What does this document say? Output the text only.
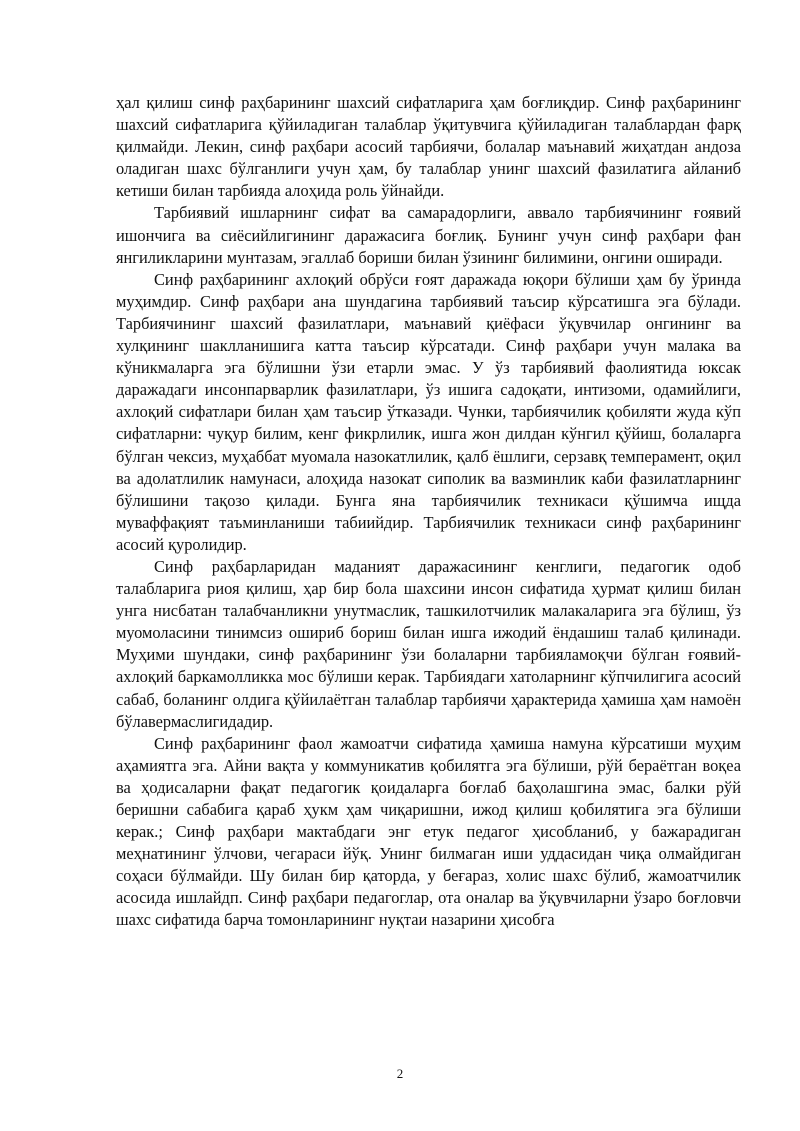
ҳал қилиш синф раҳбарининг шахсий сифатларига ҳам боғлиқдир. Синф раҳбарининг шахсий сифатларига қўйиладиган талаблар ўқитувчига қўйиладиган талаблардан фарқ қилмайди. Лекин, синф раҳбари асосий тарбиячи, болалар маънавий жиҳатдан андоза оладиган шахс бўлганлиги учун ҳам, бу талаблар унинг шахсий фазилатига айланиб кетиши билан тарбияда алоҳида роль ўйнайди.

Тарбиявий ишларнинг сифат ва самарадорлиги, аввало тарбиячининг ғоявий ишончига ва сиёсийлигининг даражасига боғлиқ. Бунинг учун синф раҳбари фан янгиликларини мунтазам, эгаллаб бориши билан ўзининг билимини, онгини оширади.

Синф раҳбарининг ахлоқий обрўси ғоят даражада юқори бўлиши ҳам бу ўринда муҳимдир. Синф раҳбари ана шундагина тарбиявий таъсир кўрсатишга эга бўлади. Тарбиячининг шахсий фазилатлари, маънавий қиёфаси ўқувчилар онгининг ва хулқининг шаклланишига катта таъсир кўрсатади. Синф раҳбари учун малака ва кўникмаларга эга бўлишни ўзи етарли эмас. У ўз тарбиявий фаолиятида юксак даражадаги инсонпарварлик фазилатлари, ўз ишига садоқати, интизоми, одамийлиги, ахлоқий сифатлари билан ҳам таъсир ўтказади. Чунки, тарбиячилик қобиляти жуда кўп сифатларни: чуқур билим, кенг фикрлилик, ишга жон дилдан кўнгил қўйиш, болаларга бўлган чексиз, муҳаббат муомала назокатлилик, қалб ёшлиги, серзавқ темперамент, оқил ва адолатлилик намунаси, алоҳида назокат сиполик ва вазминлик каби фазилатларнинг бўлишини тақозо қилади. Бунга яна тарбиячилик техникаси қўшимча ищда муваффақият таъминланиши табиийдир. Тарбиячилик техникаси синф раҳбарининг асосий қуролидир.

Синф раҳбарларидан маданият даражасининг кенглиги, педагогик одоб талабларига риоя қилиш, ҳар бир бола шахсини инсон сифатида ҳурмат қилиш билан унга нисбатан талабчанликни унутмаслик, ташкилотчилик малакаларига эга бўлиш, ўз муомоласини тинимсиз ошириб бориш билан ишга ижодий ёндашиш талаб қилинади. Муҳими шундаки, синф раҳбарининг ўзи болаларни тарбияламоқчи бўлган ғоявий-ахлоқий баркамолликка мос бўлиши керак. Тарбиядаги хатоларнинг кўпчилигига асосий сабаб, боланинг олдига қўйилаётган талаблар тарбиячи ҳарактерида ҳамиша ҳам намоён бўлавермаслигидадир.

Синф раҳбарининг фаол жамоатчи сифатида ҳамиша намуна кўрсатиши муҳим аҳамиятга эга. Айни вақта у коммуникатив қобилятга эга бўлиши, рўй бераётган воқеа ва ҳодисаларни фақат педагогик қоидаларга боғлаб баҳолашгина эмас, балки рўй беришни сабабига қараб ҳукм ҳам чиқаришни, ижод қилиш қобилятига эга бўлиши керак.; Синф раҳбари мактабдаги энг етук педагог ҳисобланиб, у бажарадиган меҳнатининг ўлчови, чегараси йўқ. Унинг билмаган иши уддасидан чиқа олмайдиган соҳаси бўлмайди. Шу билан бир қаторда, у беғараз, холис шахс бўлиб, жамоатчилик асосида ишлайдп. Синф раҳбари педагоглар, ота оналар ва ўқувчиларни ўзаро боғловчи шахс сифатида барча томонларининг нуқтаи назарини ҳисобга

2
